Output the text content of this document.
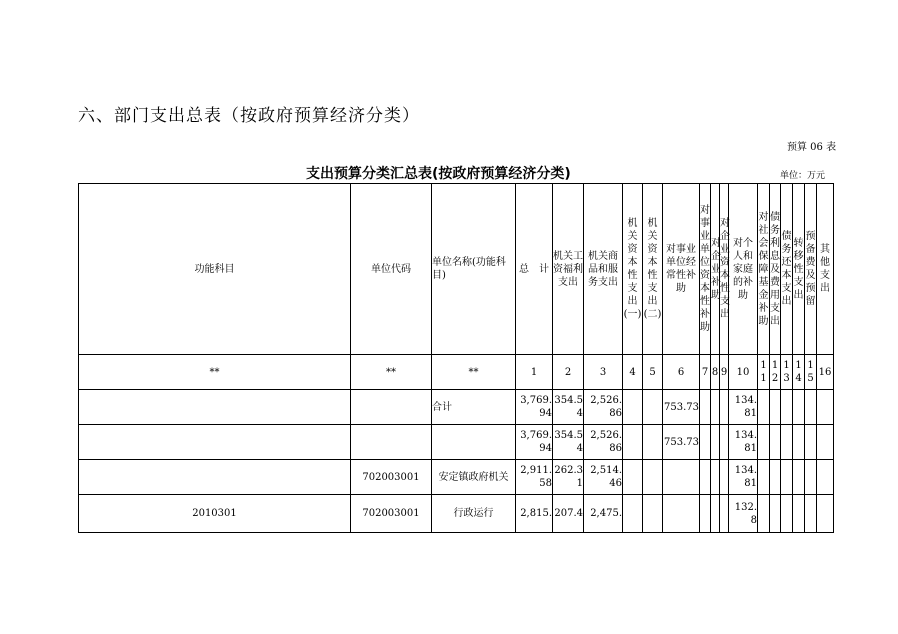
六、部门支出总表（按政府预算经济分类）
预算 06 表
支出预算分类汇总表(按政府预算经济分类)	单位：万元
功能科目	单位代码	单位名称(功能科目)	总　计	机关工资福利支出	机关商品和服务支出	机关资本性支出(一)	机关资本性支出(二)	对事业单位经常性补助	对事业单位资本性补助	对企业补助	对企业资本性支出	对个人和家庭的补助	对社会保障基金补助	债务利息及费用支出	债务还本支出	转移性支出	预备费及预留	其他支出
**	**	**	1	2	3	4	5	6	7	8	9	10	11	12	13	14	15	16
		合计	3,769.94	354.54	2,526.86			753.73				134.81						
			3,769.94	354.54	2,526.86			753.73				134.81						
	702003001	安定镇政府机关	2,911.58	262.31	2,514.46							134.81						
2010301	702003001	行政运行	2,815.	207.4	2,475.							132.8						
